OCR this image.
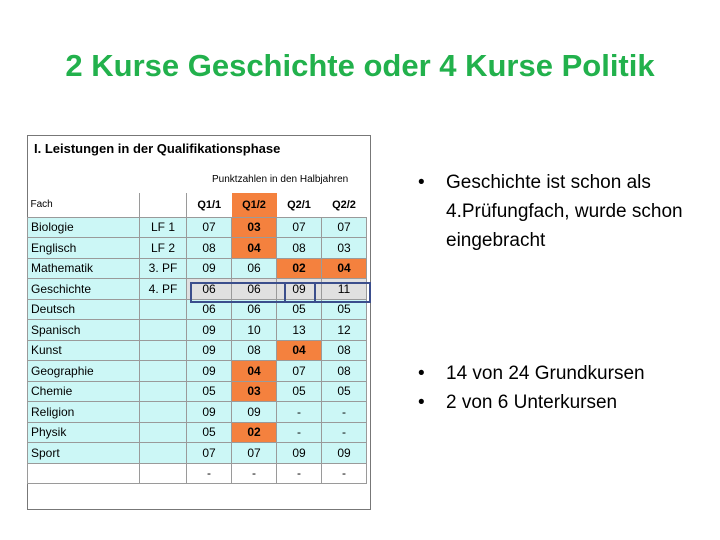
2 Kurse Geschichte oder 4 Kurse Politik
I. Leistungen in der Qualifikationsphase
Punktzahlen in den Halbjahren
Fach		Q1/1	Q1/2	Q2/1	Q2/2
Biologie	LF 1	07	03	07	07
Englisch	LF 2	08	04	08	03
Mathematik	3. PF	09	06	02	04
Geschichte	4. PF	06	06	09	11
Deutsch		06	06	05	05
Spanisch		09	10	13	12
Kunst		09	08	04	08
Geographie		09	04	07	08
Chemie		05	03	05	05
Religion		09	09	-	-
Physik		05	02	-	-
Sport		07	07	09	09
		-	-	-	-
•	Geschichte ist schon als 4.Prüfungfach, wurde schon eingebracht
•	14 von 24 Grundkursen
•	2 von 6 Unterkursen
